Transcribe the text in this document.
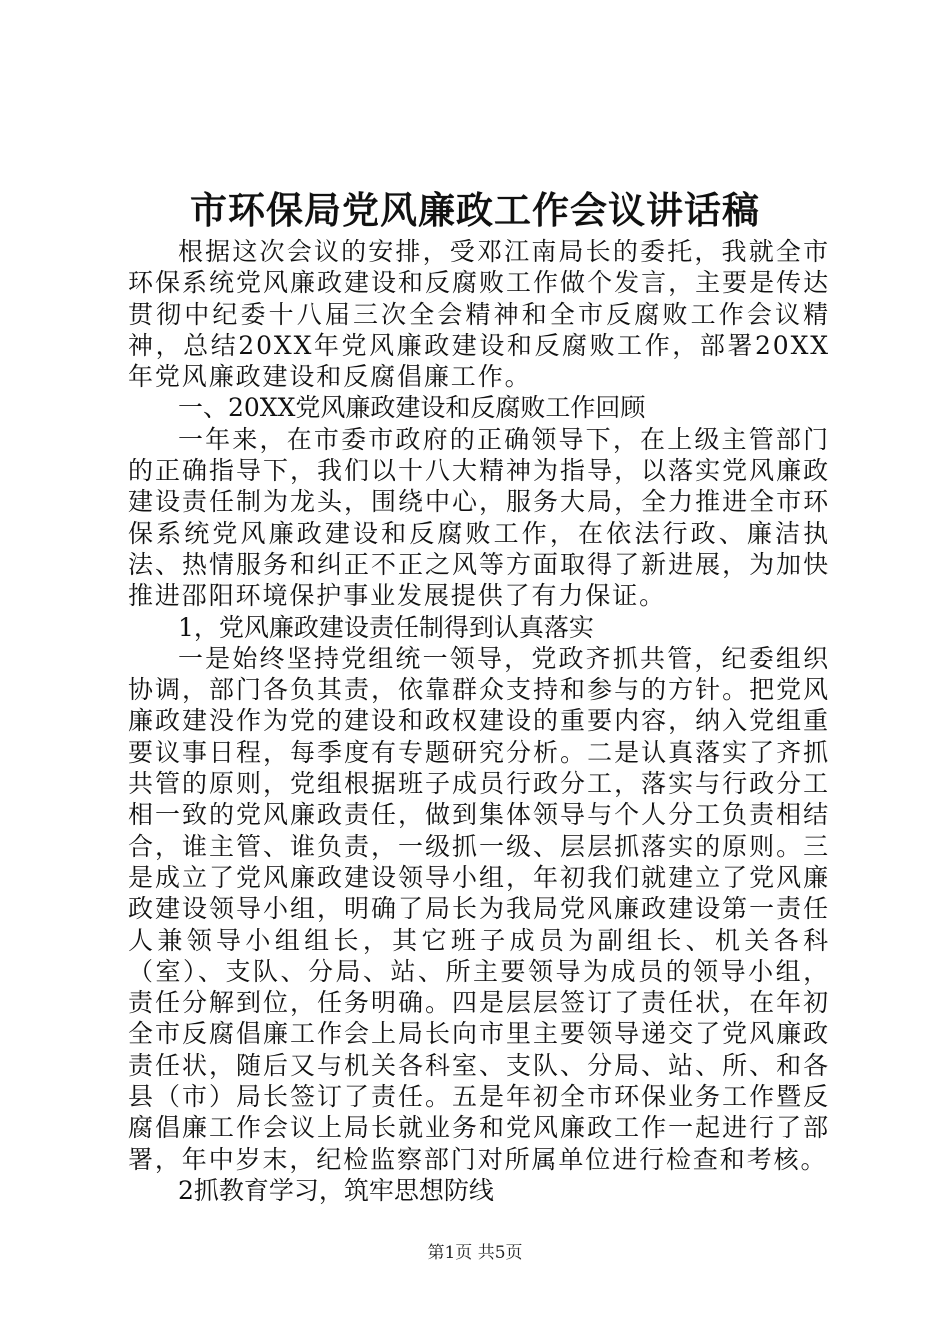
市环保局党风廉政工作会议讲话稿

根据这次会议的安排，受邓江南局长的委托，我就全市环保系统党风廉政建设和反腐败工作做个发言，主要是传达贯彻中纪委十八届三次全会精神和全市反腐败工作会议精神，总结20XX年党风廉政建设和反腐败工作，部署20XX年党风廉政建设和反腐倡廉工作。

一、20XX党风廉政建设和反腐败工作回顾

一年来，在市委市政府的正确领导下，在上级主管部门的正确指导下，我们以十八大精神为指导，以落实党风廉政建设责任制为龙头，围绕中心，服务大局，全力推进全市环保系统党风廉政建设和反腐败工作，在依法行政、廉洁执法、热情服务和纠正不正之风等方面取得了新进展，为加快推进邵阳环境保护事业发展提供了有力保证。

1，党风廉政建设责任制得到认真落实

一是始终坚持党组统一领导，党政齐抓共管，纪委组织协调，部门各负其责，依靠群众支持和参与的方针。把党风廉政建没作为党的建设和政权建设的重要内容，纳入党组重要议事日程，每季度有专题研究分析。二是认真落实了齐抓共管的原则，党组根据班子成员行政分工，落实与行政分工相一致的党风廉政责任，做到集体领导与个人分工负责相结合，谁主管、谁负责，一级抓一级、层层抓落实的原则。三是成立了党风廉政建设领导小组，年初我们就建立了党风廉政建设领导小组，明确了局长为我局党风廉政建设第一责任人兼领导小组组长，其它班子成员为副组长、机关各科（室）、支队、分局、站、所主要领导为成员的领导小组，责任分解到位，任务明确。四是层层签订了责任状，在年初全市反腐倡廉工作会上局长向市里主要领导递交了党风廉政责任状，随后又与机关各科室、支队、分局、站、所、和各县（市）局长签订了责任。五是年初全市环保业务工作暨反腐倡廉工作会议上局长就业务和党风廉政工作一起进行了部署，年中岁末，纪检监察部门对所属单位进行检查和考核。

2抓教育学习，筑牢思想防线

第1页 共5页
